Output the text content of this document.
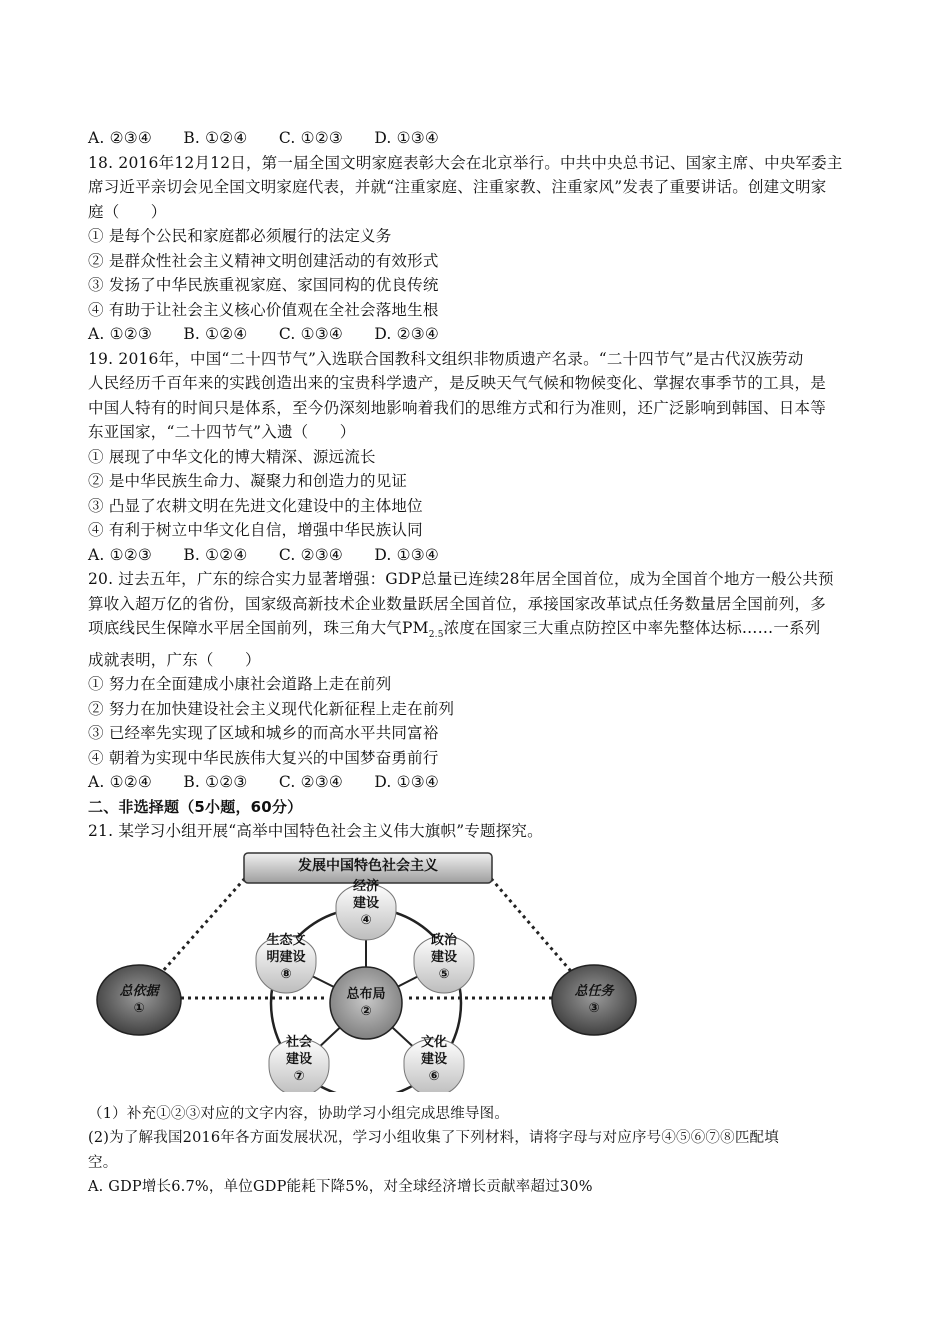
A. ②③④　　B. ①②④　　C. ①②③　　D. ①③④
18. 2016年12月12日，第一届全国文明家庭表彰大会在北京举行。中共中央总书记、国家主席、中央军委主
席习近平亲切会见全国文明家庭代表，并就“注重家庭、注重家教、注重家风”发表了重要讲话。创建文明家
庭（　　）
① 是每个公民和家庭都必须履行的法定义务
② 是群众性社会主义精神文明创建活动的有效形式
③ 发扬了中华民族重视家庭、家国同构的优良传统
④ 有助于让社会主义核心价值观在全社会落地生根
A. ①②③　　B. ①②④　　C. ①③④　　D. ②③④
19. 2016年，中国“二十四节气”入选联合国教科文组织非物质遗产名录。“二十四节气”是古代汉族劳动
人民经历千百年来的实践创造出来的宝贵科学遗产，是反映天气气候和物候变化、掌握农事季节的工具，是
中国人特有的时间只是体系，至今仍深刻地影响着我们的思维方式和行为准则，还广泛影响到韩国、日本等
东亚国家，“二十四节气”入遗（　　）
① 展现了中华文化的博大精深、源远流长
② 是中华民族生命力、凝聚力和创造力的见证
③ 凸显了农耕文明在先进文化建设中的主体地位
④ 有利于树立中华文化自信，增强中华民族认同
A. ①②③　　B. ①②④　　C. ②③④　　D. ①③④
20. 过去五年，广东的综合实力显著增强：GDP总量已连续28年居全国首位，成为全国首个地方一般公共预
算收入超万亿的省份，国家级高新技术企业数量跃居全国首位，承接国家改革试点任务数量居全国前列，多
项底线民生保障水平居全国前列，珠三角大气$PM_{2.5}$浓度在国家三大重点防控区中率先整体达标……一系列
成就表明，广东（　　）
① 努力在全面建成小康社会道路上走在前列
② 努力在加快建设社会主义现代化新征程上走在前列
③ 已经率先实现了区域和城乡的而高水平共同富裕
④ 朝着为实现中华民族伟大复兴的中国梦奋勇前行
A. ①②④　　B. ①②③　　C. ②③④　　D. ①③④
二、非选择题（5小题，60分）
21. 某学习小组开展“高举中国特色社会主义伟大旗帜”专题探究。
发展中国特色社会主义
总依据
①
总任务
③
总布局
②
经济
建设
④
政治
建设
⑤
文化
建设
⑥
社会
建设
⑦
生态文
明建设
⑧
（1）补充①②③对应的文字内容，协助学习小组完成思维导图。
(2)为了解我国2016年各方面发展状况，学习小组收集了下列材料，请将字母与对应序号④⑤⑥⑦⑧匹配填
空。
A. GDP增长6.7%，单位GDP能耗下降5%，对全球经济增长贡献率超过30%
